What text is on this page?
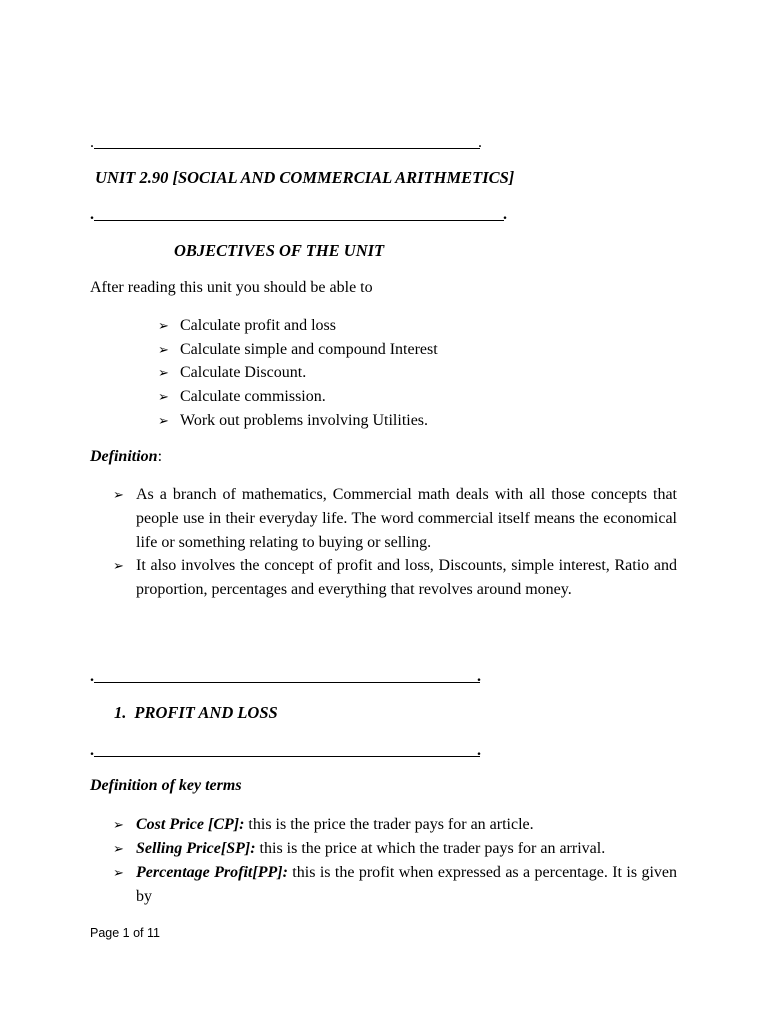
.	.
UNIT 2.90 [SOCIAL AND COMMERCIAL ARITHMETICS]
.	.
OBJECTIVES OF THE UNIT
After reading this unit you should be able to
➢ Calculate profit and loss
➢ Calculate simple and compound Interest
➢ Calculate Discount.
➢ Calculate commission.
➢ Work out problems involving Utilities.
Definition:
➢ As a branch of mathematics, Commercial math deals with all those concepts that people use in their everyday life. The word commercial itself means the economical life or something relating to buying or selling.
➢ It also involves the concept of profit and loss, Discounts, simple interest, Ratio and proportion, percentages and everything that revolves around money.
.	.
1. PROFIT AND LOSS
.	.
Definition of key terms
➢ Cost Price [CP]: this is the price the trader pays for an article.
➢ Selling Price[SP]: this is the price at which the trader pays for an arrival.
➢ Percentage Profit[PP]: this is the profit when expressed as a percentage. It is given by
Page 1 of 11
